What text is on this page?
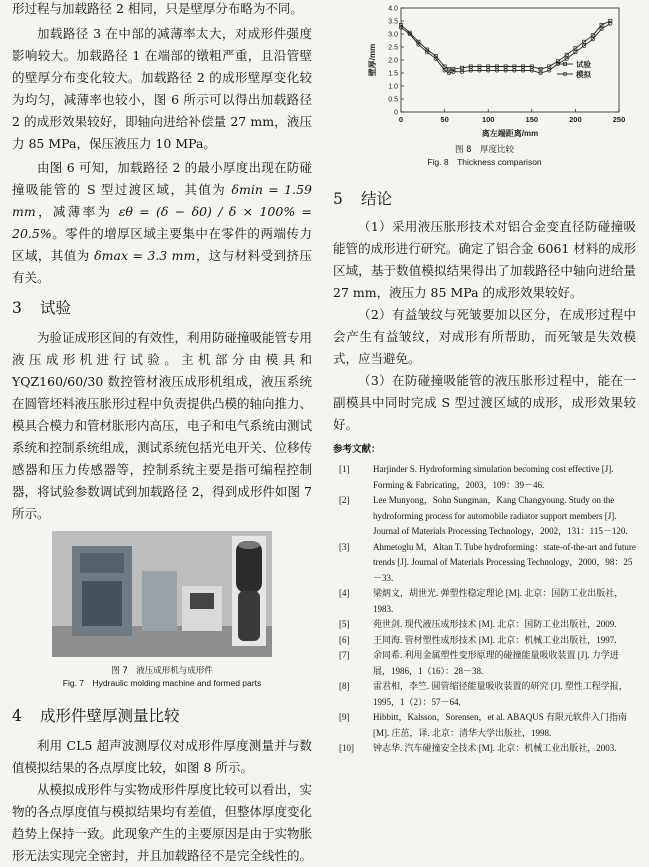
形过程与加载路径 2 相同，只是壁厚分布略为不同。

加载路径 3 在中部的减薄率太大，对成形件强度影响较大。加载路径 1 在端部的镦粗严重，且沿管壁的壁厚分布变化较大。加载路径 2 的成形壁厚变化较为均匀，减薄率也较小，图 6 所示可以得出加载路径 2 的成形效果较好，即轴向进给补偿量 27 mm，液压力 85 MPa，保压液压力 10 MPa。

由图 6 可知，加载路径 2 的最小厚度出现在防碰撞吸能管的 S 型过渡区域，其值为 δmin = 1.59 mm，减薄率为 εθ = (δ − δ0) / δ × 100% = 20.5%。零件的增厚区域主要集中在零件的两端传力区域，其值为 δmax = 3.3 mm，这与材料受到挤压有关。

3 试验

为验证成形区间的有效性，利用防碰撞吸能管专用液压成形机进行试验。主机部分由模具和 YQZ160/60/30 数控管材液压成形机组成，液压系统在圆管坯料液压胀形过程中负责提供凸模的轴向推力、模具合模力和管材胀形内高压，电子和电气系统由测试系统和控制系统组成，测试系统包括光电开关、位移传感器和压力传感器等，控制系统主要是指可编程控制器，将试验参数调试到加载路径 2，得到成形件如图 7 所示。

图 7　液压成形机与成形件
Fig. 7　Hydraulic molding machine and formed parts
4 成形件壁厚测量比较

利用 CL5 超声波测厚仪对成形件厚度测量并与数值模拟结果的各点厚度比较，如图 8 所示。

从模拟成形件与实物成形件厚度比较可以看出，实物的各点厚度值与模拟结果均有差值，但整体厚度变化趋势上保持一致。此现象产生的主要原因是由于实物胀形无法实现完全密封，并且加载路径不是完全线性的。

0
0.5
1.0
1.5
2.0
2.5
3.0
3.5
4.0
0	50	100	150	200	250
离左端距离/mm
壁厚/mm	试验
模拟
图 8　厚度比较
Fig. 8　Thickness comparison
5 结论

（1）采用液压胀形技术对铝合金变直径防碰撞吸能管的成形进行研究。确定了铝合金 6061 材料的成形区域，基于数值模拟结果得出了加载路径中轴向进给量 27 mm，液压力 85 MPa 的成形效果较好。

（2）有益皱纹与死皱要加以区分，在成形过程中会产生有益皱纹，对成形有所帮助，而死皱是失效模式，应当避免。

（3）在防碰撞吸能管的液压胀形过程中，能在一副模具中同时完成 S 型过渡区域的成形，成形效果较好。

参考文献：
[1]	Harjinder S. Hydroforming simulation becoming cost effective [J]. Forming & Fabricating，2003，109：39－46.
[2]	Lee Munyong，Sohn Sungman，Kang Changyoung. Study on the hydroforming process for automobile radiator support members [J]. Journal of Materials Processing Technology，2002，131：115－120.
[3]	Ahmetoglu M，Altan T. Tube hydroforming：state-of-the-art and future trends [J]. Journal of Materials Processing Technology，2000，98：25－33.
[4]	梁炳文，胡世光. 弹塑性稳定理论 [M]. 北京：国防工业出版社，1983.
[5]	苑世剑. 现代液压成形技术 [M]. 北京：国防工业出版社，2009.
[6]	王同海. 管材塑性成形技术 [M]. 北京：机械工业出版社，1997.
[7]	余同希. 利用金属塑性变形原理的碰撞能量吸收装置 [J]. 力学进展，1986，1（16）：28－38.
[8]	雷君相，李竺. 圆管缩径能量吸收装置的研究 [J]. 塑性工程学报，1995，1（2）：57－64.
[9]	Hibbitt，Kalsson，Sorensen，et al. ABAQUS 有限元软件入门指南 [M]. 庄茁，译. 北京：清华大学出版社，1998.
[10] 钟志华. 汽车碰撞安全技术 [M]. 北京：机械工业出版社，2003.
